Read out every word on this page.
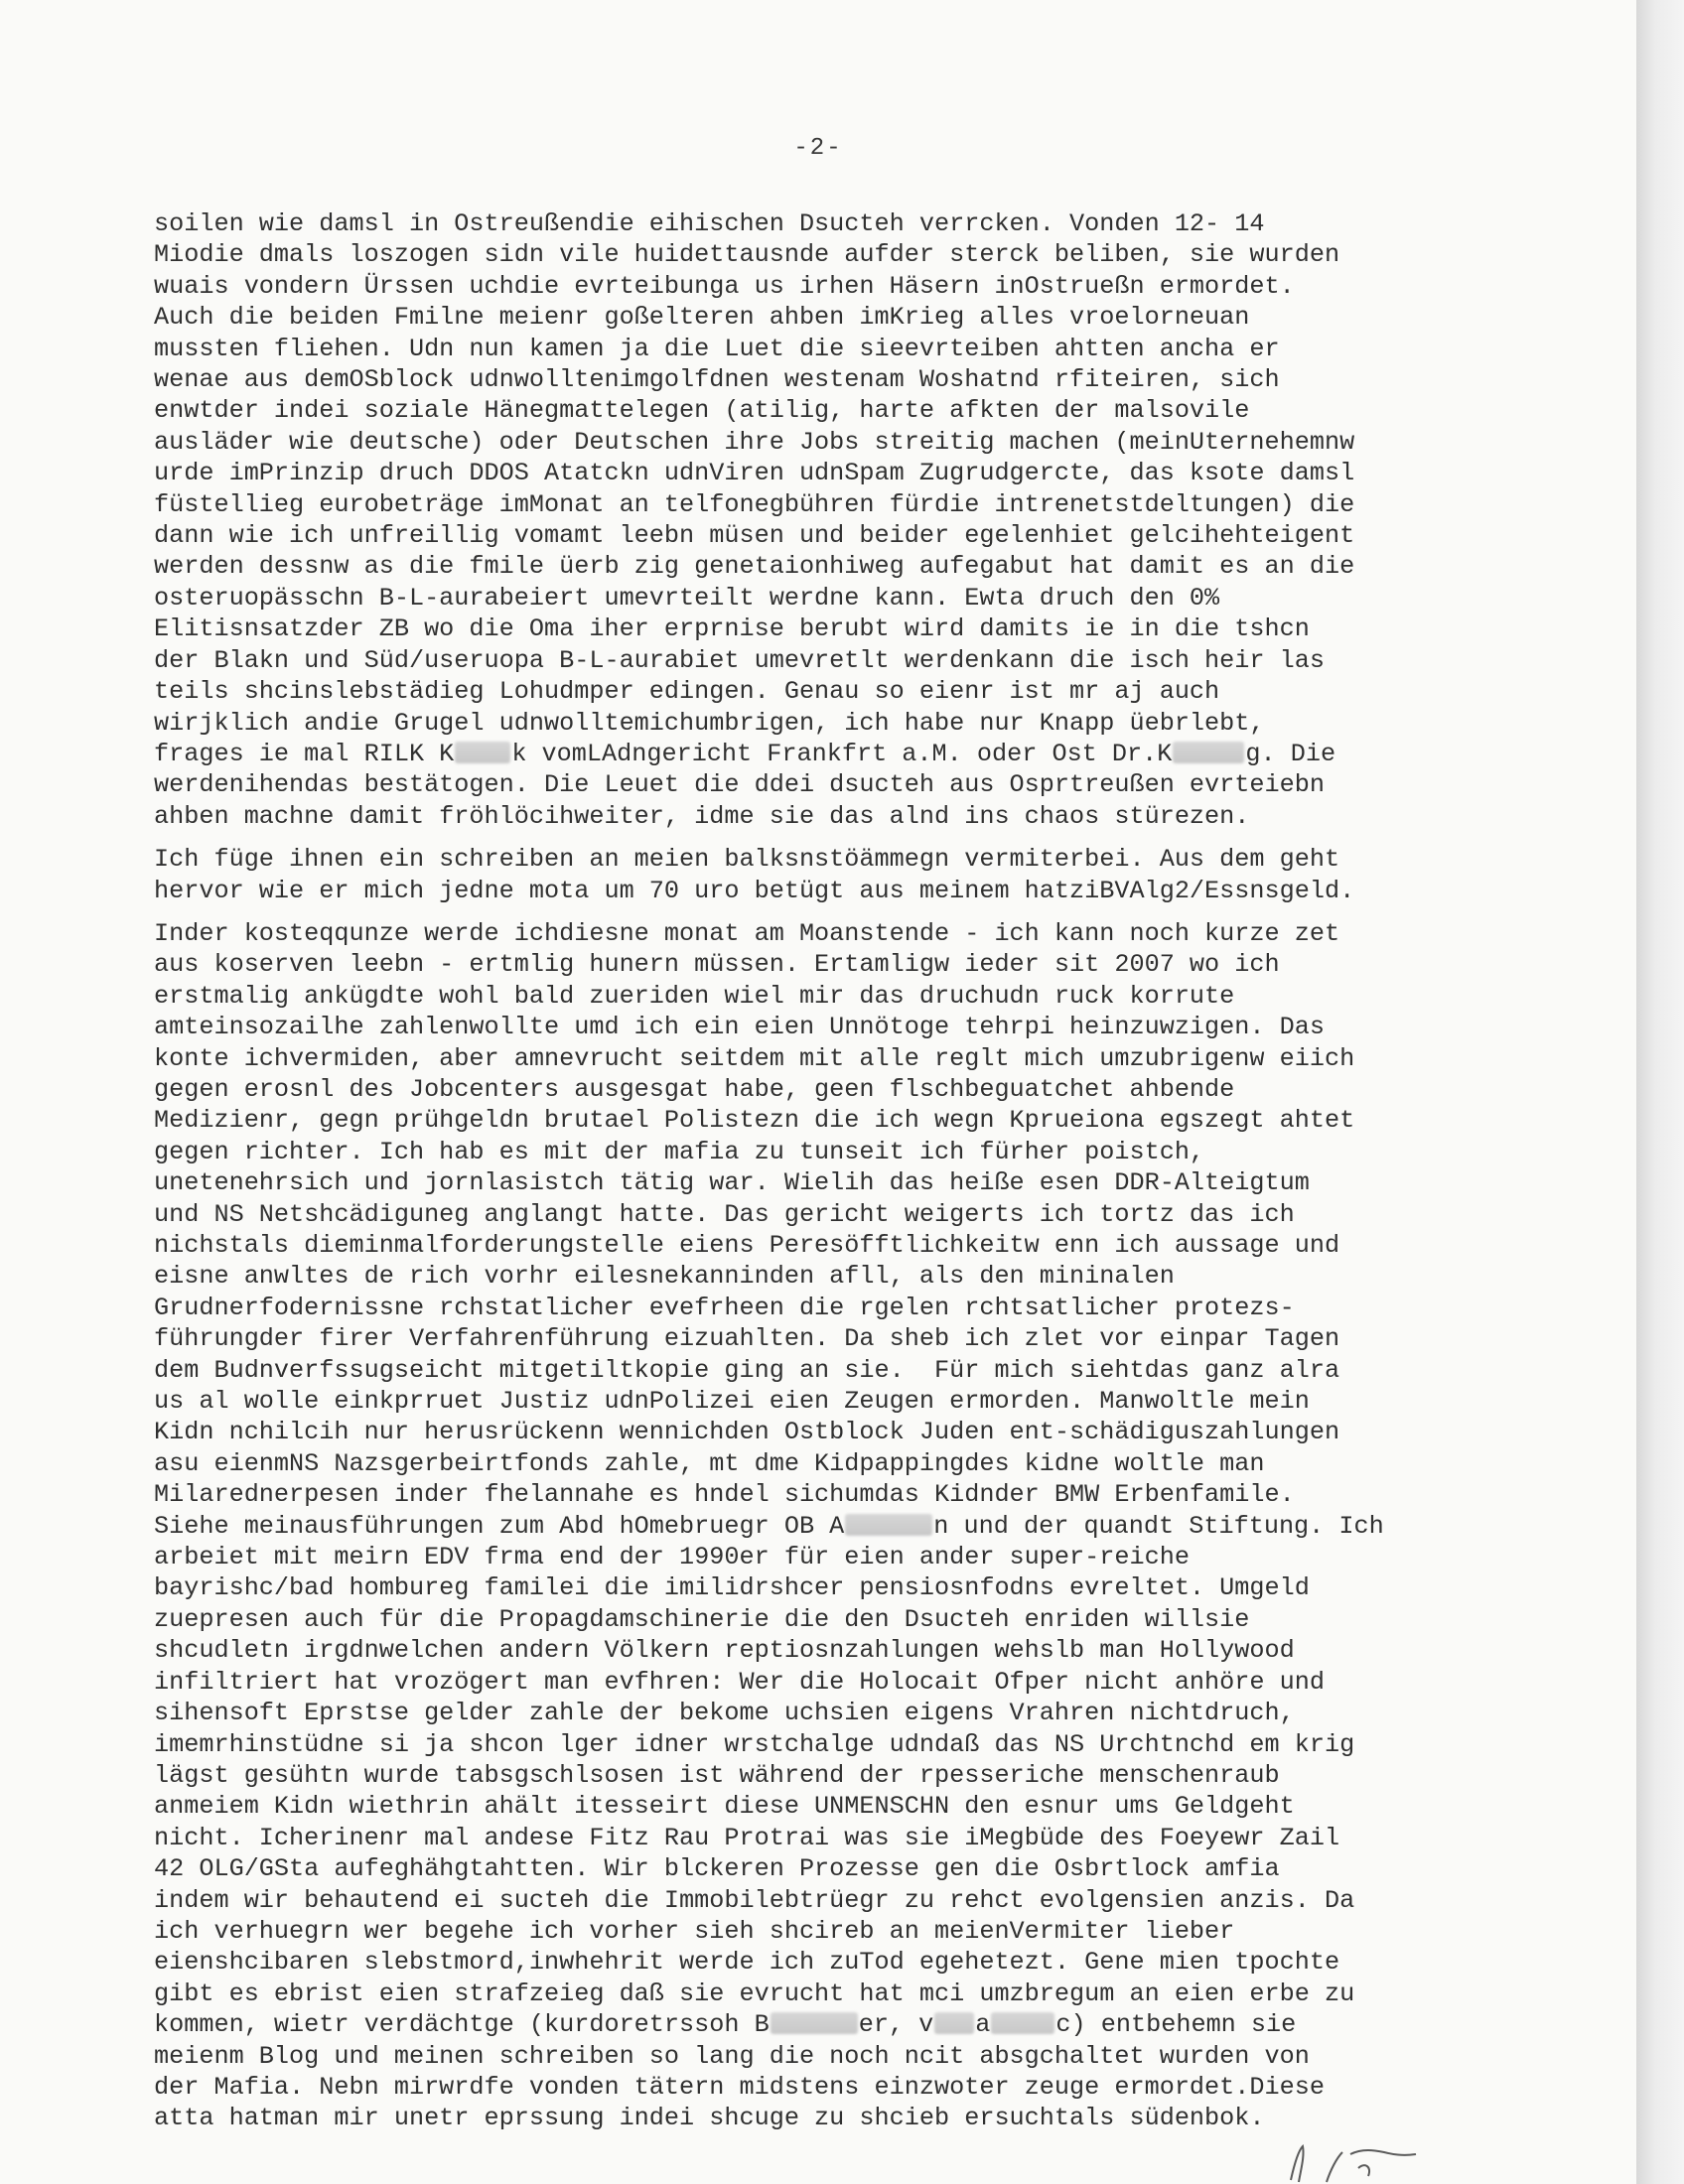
-2-
soilen wie damsl in Ostreußendie eihischen Dsucteh verrcken. Vonden 12- 14
Miodie dmals loszogen sidn vile huidettausnde aufder sterck beliben, sie wurden
wuais vondern Ürssen uchdie evrteibunga us irhen Häsern inOstrueßn ermordet.
Auch die beiden Fmilne meienr goßelteren ahben imKrieg alles vroelorneuan
mussten fliehen. Udn nun kamen ja die Luet die sieevrteiben ahtten ancha er
wenae aus demOSblock udnwolltenimgolfdnen westenam Woshatnd rfiteiren, sich
enwtder indei soziale Hänegmattelegen (atilig, harte afkten der malsovile
ausläder wie deutsche) oder Deutschen ihre Jobs streitig machen (meinUternehemnw
urde imPrinzip druch DDOS Atatckn udnViren udnSpam Zugrudgercte, das ksote damsl
füstellieg eurobeträge imMonat an telfonegbühren fürdie intrenetstdeltungen) die
dann wie ich unfreillig vomamt leebn müsen und beider egelenhiet gelcihehteigent
werden dessnw as die fmile üerb zig genetaionhiweg aufegabut hat damit es an die
osteruopässchn B-L-aurabeiert umevrteilt werdne kann. Ewta druch den 0%
Elitisnsatzder ZB wo die Oma iher erprnise berubt wird damits ie in die tshcn
der Blakn und Süd/useruopa B-L-aurabiet umevretlt werdenkann die isch heir las
teils shcinslebstädieg Lohudmper edingen. Genau so eienr ist mr aj auch
wirjklich andie Grugel udnwolltemichumbrigen, ich habe nur Knapp üebrlebt,
frages ie mal RILK K k vomLAdngericht Frankfrt a.M. oder Ost Dr.K	g. Die
werdenihendas bestätogen. Die Leuet die ddei dsucteh aus Osprtreußen evrteiebn
ahben machne damit fröhlöcihweiter, idme sie das alnd ins chaos stürezen.
Ich füge ihnen ein schreiben an meien balksnstöämmegn vermiterbei. Aus dem geht
hervor wie er mich jedne mota um 70 uro betügt aus meinem hatziBVAlg2/Essnsgeld.
Inder kosteqqunze werde ichdiesne monat am Moanstende - ich kann noch kurze zet
aus koserven leebn - ertmlig hunern müssen. Ertamligw ieder sit 2007 wo ich
erstmalig ankügdte wohl bald zueriden wiel mir das druchudn ruck korrute
amteinsozailhe zahlenwollte umd ich ein eien Unnötoge tehrpi heinzuwzigen. Das
konte ichvermiden, aber amnevrucht seitdem mit alle reglt mich umzubrigenw eiich
gegen erosnl des Jobcenters ausgesgat habe, geen flschbeguatchet ahbende
Medizienr, gegn prühgeldn brutael Polistezn die ich wegn Kprueiona egszegt ahtet
gegen richter. Ich hab es mit der mafia zu tunseit ich fürher poistch,
unetenehrsich und jornlasistch tätig war. Wielih das heiße esen DDR-Alteigtum
und NS Netshcädiguneg anglangt hatte. Das gericht weigerts ich tortz das ich
nichstals dieminmalforderungstelle eiens Peresöfftlichkeitw enn ich aussage und
eisne anwltes de rich vorhr eilesnekanninden afll, als den mininalen
Grudnerfodernissne rchstatlicher evefrheen die rgelen rchtsatlicher protezs-
führungder firer Verfahrenführung eizuahlten. Da sheb ich zlet vor einpar Tagen
dem Budnverfssugseicht mitgetiltkopie ging an sie.  Für mich siehtdas ganz alra
us al wolle einkprruet Justiz udnPolizei eien Zeugen ermorden. Manwoltle mein
Kidn nchilcih nur herusrückenn wennichden Ostblock Juden ent-schädiguszahlungen
asu eienmNS Nazsgerbeirtfonds zahle, mt dme Kidpappingdes kidne woltle man
Milarednerpesen inder fhelannahe es hndel sichumdas Kidnder BMW Erbenfamile.
Siehe meinausführungen zum Abd hOmebruegr OB A	n und der quandt Stiftung. Ich
arbeiet mit meirn EDV frma end der 1990er für eien ander super-reiche
bayrishc/bad hombureg familei die imilidrshcer pensiosnfodns evreltet. Umgeld
zuepresen auch für die Propagdamschinerie die den Dsucteh enriden willsie
shcudletn irgdnwelchen andern Völkern reptiosnzahlungen wehslb man Hollywood
infiltriert hat vrozögert man evfhren: Wer die Holocait Ofper nicht anhöre und
sihensoft Eprstse gelder zahle der bekome uchsien eigens Vrahren nichtdruch,
imemrhinstüdne si ja shcon lger idner wrstchalge udndaß das NS Urchtnchd em krig
lägst gesühtn wurde tabsgschlsosen ist während der rpesseriche menschenraub
anmeiem Kidn wiethrin ahält itesseirt diese UNMENSCHN den esnur ums Geldgeht
nicht. Icherinenr mal andese Fitz Rau Protrai was sie iMegbüde des Foeyewr Zail
42 OLG/GSta aufeghähgtahtten. Wir blckeren Prozesse gen die Osbrtlock amfia
indem wir behautend ei sucteh die Immobilebtrüegr zu rehct evolgensien anzis. Da
ich verhuegrn wer begehe ich vorher sieh shcireb an meienVermiter lieber
eienshcibaren slebstmord,inwhehrit werde ich zuTod egehetezt. Gene mien tpochte
gibt es ebrist eien strafzeieg daß sie evrucht hat mci umzbregum an eien erbe zu
kommen, wietr verdächtge (kurdoretrssoh B	er, v a	c) entbehemn sie
meienm Blog und meinen schreiben so lang die noch ncit absgchaltet wurden von
der Mafia. Nebn mirwrdfe vonden tätern midstens einzwoter zeuge ermordet.Diese
atta hatman mir unetr eprssung indei shcuge zu shcieb ersuchtals südenbok.
